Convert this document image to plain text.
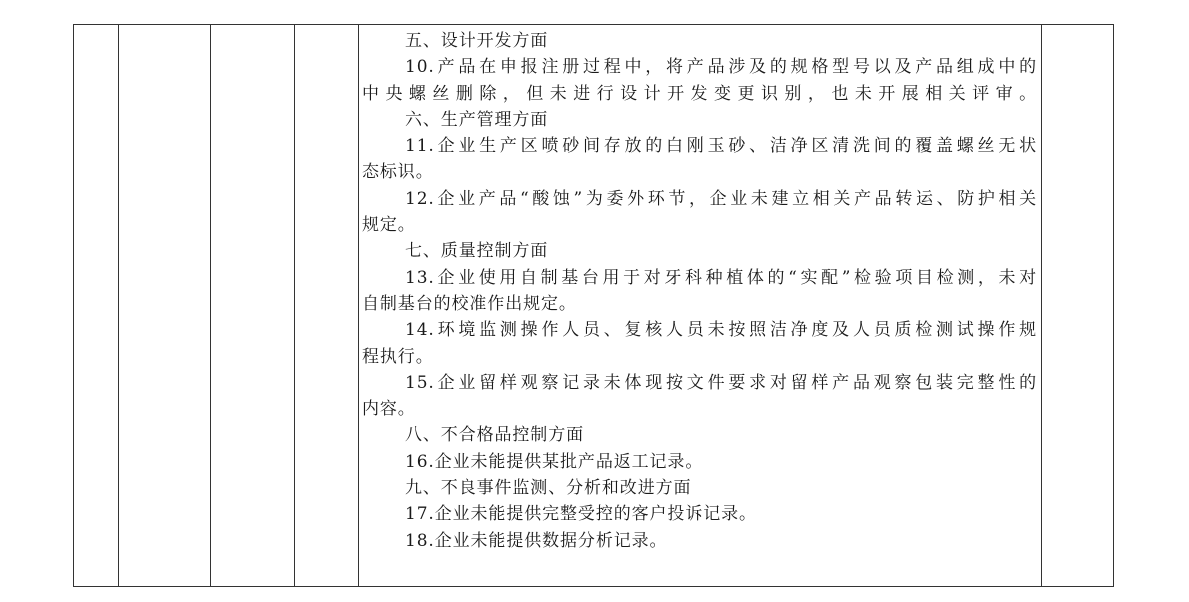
五、设计开发方面
10.产品在申报注册过程中，将产品涉及的规格型号以及产品组成中的
中央螺丝删除，但未进行设计开发变更识别，也未开展相关评审。
六、生产管理方面
11.企业生产区喷砂间存放的白刚玉砂、洁净区清洗间的覆盖螺丝无状
态标识。
12.企业产品“酸蚀”为委外环节，企业未建立相关产品转运、防护相关
规定。
七、质量控制方面
13.企业使用自制基台用于对牙科种植体的“实配”检验项目检测，未对
自制基台的校准作出规定。
14.环境监测操作人员、复核人员未按照洁净度及人员质检测试操作规
程执行。
15.企业留样观察记录未体现按文件要求对留样产品观察包装完整性的
内容。
八、不合格品控制方面
16.企业未能提供某批产品返工记录。
九、不良事件监测、分析和改进方面
17.企业未能提供完整受控的客户投诉记录。
18.企业未能提供数据分析记录。
